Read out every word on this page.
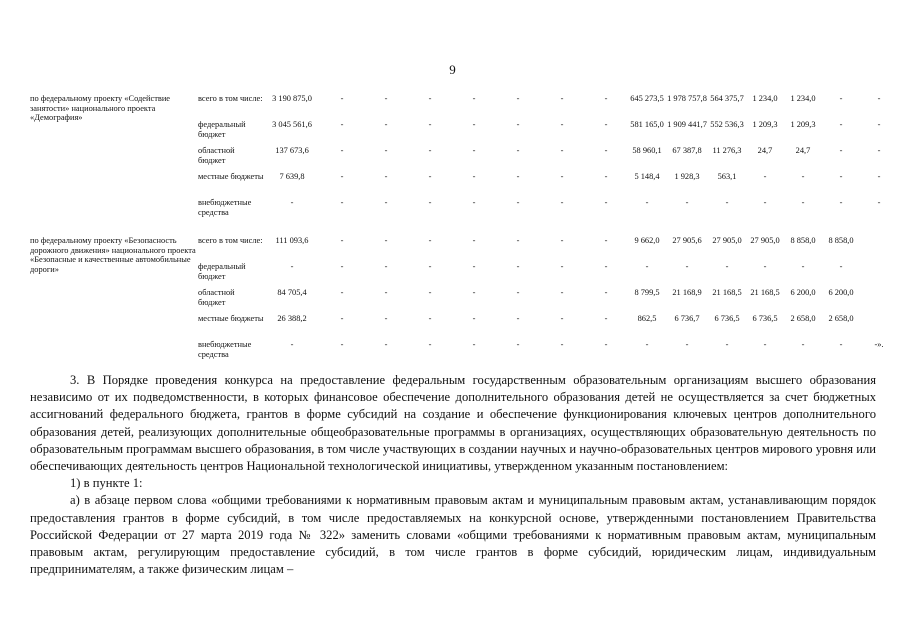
9
по федеральному проекту «Содействие занятости» национального проекта «Демография»	всего в том числе:	3 190 875,0	-	-	-	-	-	-	-	645 273,5	1 978 757,8	564 375,7	1 234,0	1 234,0	-	-
	федеральный бюджет	3 045 561,6	-	-	-	-	-	-	-	581 165,0	1 909 441,7	552 536,3	1 209,3	1 209,3	-	-
	областной бюджет	137 673,6	-	-	-	-	-	-	-	58 960,1	67 387,8	11 276,3	24,7	24,7	-	-
	местные бюджеты	7 639,8	-	-	-	-	-	-	-	5 148,4	1 928,3	563,1	-	-	-	-
	внебюджетные средства	-	-	-	-	-	-	-	-	-	-	-	-	-	-	-

по федеральному проекту «Безопасность дорожного движения» национального проекта «Безопасные и качественные автомобильные дороги»	всего в том числе:	111 093,6	-	-	-	-	-	-	-	9 662,0	27 905,6	27 905,0	27 905,0	8 858,0	8 858,0	
	федеральный бюджет	-	-	-	-	-	-	-	-	-	-	-	-	-	-	
	областной бюджет	84 705,4	-	-	-	-	-	-	-	8 799,5	21 168,9	21 168,5	21 168,5	6 200,0	6 200,0	
	местные бюджеты	26 388,2	-	-	-	-	-	-	-	862,5	6 736,7	6 736,5	6 736,5	2 658,0	2 658,0	
	внебюджетные средства	-	-	-	-	-	-	-	-	-	-	-	-	-	-	-».

3. В Порядке проведения конкурса на предоставление федеральным государственным образовательным организациям высшего образования независимо от их подведомственности, в которых финансовое обеспечение дополнительного образования детей не осуществляется за счет бюджетных ассигнований федерального бюджета, грантов в форме субсидий на создание и обеспечение функционирования ключевых центров дополнительного образования детей, реализующих дополнительные общеобразовательные программы в организациях, осуществляющих образовательную деятельность по образовательным программам высшего образования, в том числе участвующих в создании научных и научно-образовательных центров мирового уровня или обеспечивающих деятельность центров Национальной технологической инициативы, утвержденном указанным постановлением:

1) в пункте 1:

а) в абзаце первом слова «общими требованиями к нормативным правовым актам и муниципальным правовым актам, устанавливающим порядок предоставления грантов в форме субсидий, в том числе предоставляемых на конкурсной основе, утвержденными постановлением Правительства Российской Федерации от 27 марта 2019 года № 322» заменить словами «общими требованиями к нормативным правовым актам, муниципальным правовым актам, регулирующим предоставление субсидий, в том числе грантов в форме субсидий, юридическим лицам, индивидуальным предпринимателям, а также физическим лицам –
